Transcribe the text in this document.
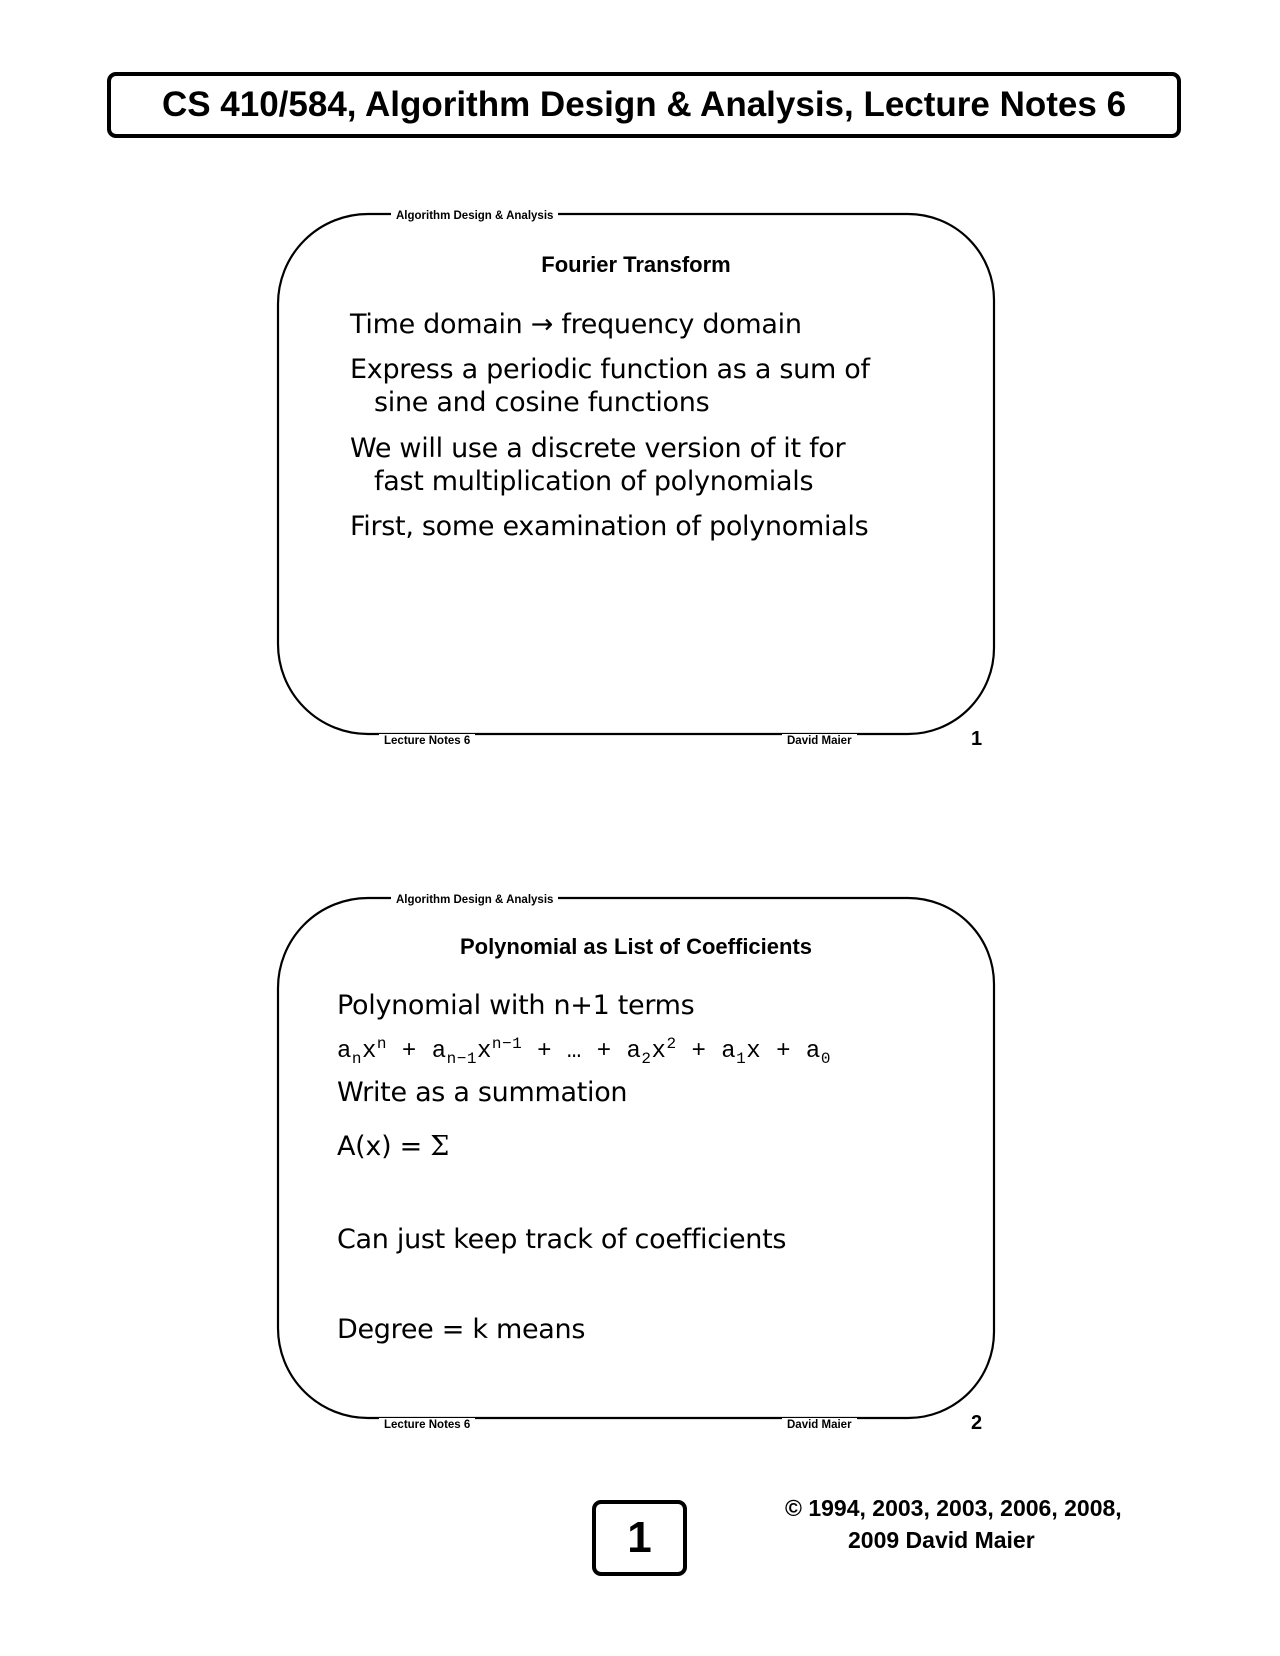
CS 410/584, Algorithm Design & Analysis, Lecture Notes 6
Algorithm Design & Analysis
Fourier Transform
Time domain → frequency domain
Express a periodic function as a sum of
sine and cosine functions
We will use a discrete version of it for
fast multiplication of polynomials
First, some examination of polynomials
Lecture Notes 6	David Maier	1
Algorithm Design & Analysis
Polynomial as List of Coefficients
Polynomial with n+1 terms
$a_nx^n + a_{n-1}x^{n-1}$ + … + $a_2x^2 + a_1x + a_0$
Write as a summation
A(x) = Σ
Can just keep track of coefficients
Degree = k means
Lecture Notes 6	David Maier	2
1
© 1994, 2003, 2003, 2006, 2008,
2009 David Maier
